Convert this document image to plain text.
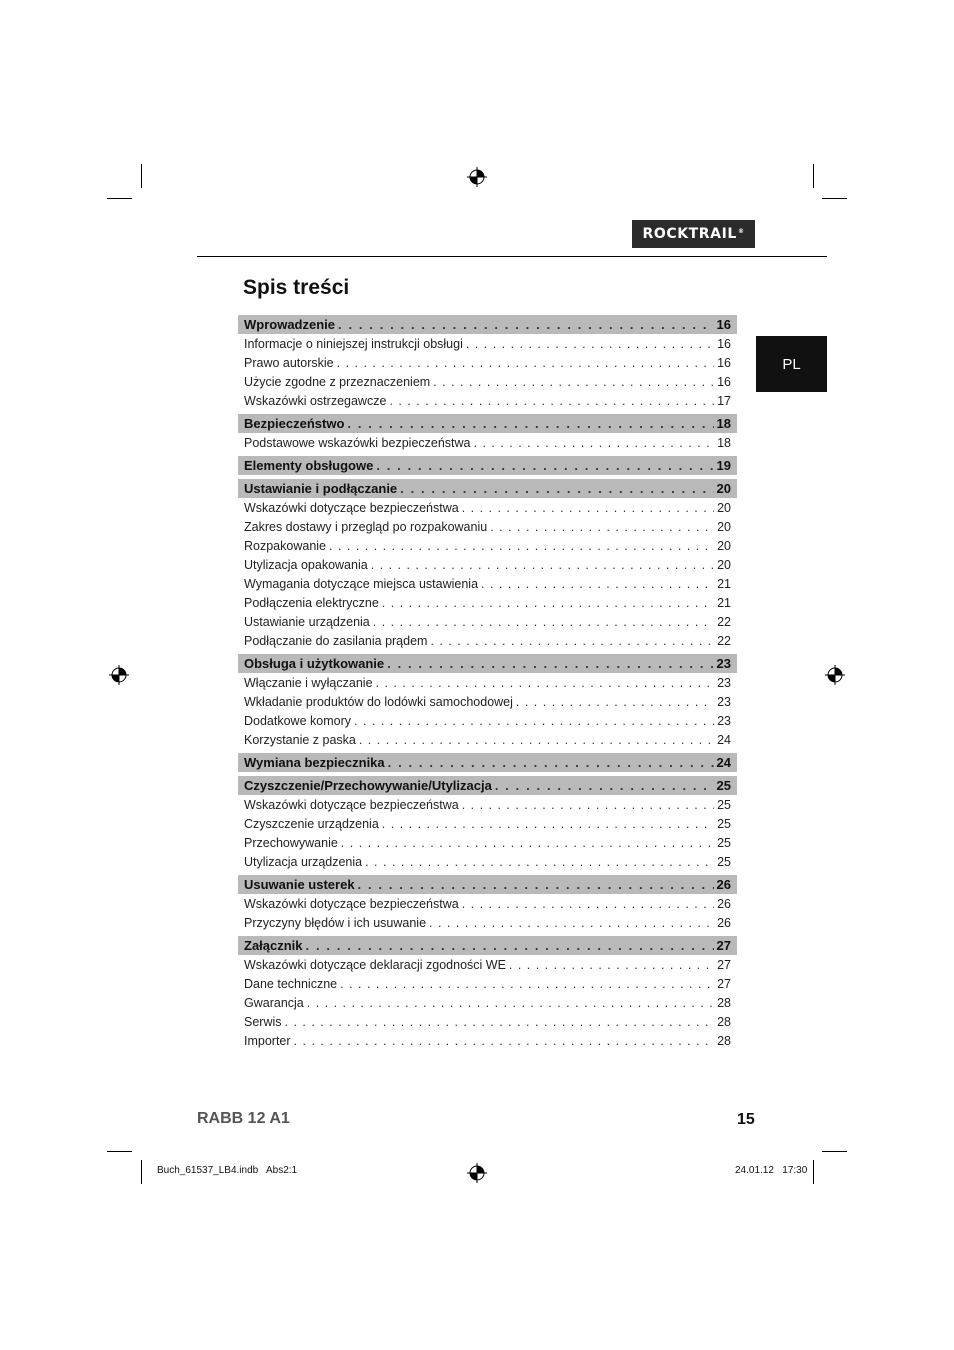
ROCKTRAIL®
Spis treści
PL
Wprowadzenie . . .	16
Informacje o niniejszej instrukcji obsługi . . .	16
Prawo autorskie . . .	16
Użycie zgodne z przeznaczeniem . . .	16
Wskazówki ostrzegawcze . . .	17
Bezpieczeństwo . . .	18
Podstawowe wskazówki bezpieczeństwa . . .	18
Elementy obsługowe . . .	19
Ustawianie i podłączanie . . .	20
Wskazówki dotyczące bezpieczeństwa . . .	20
Zakres dostawy i przegląd po rozpakowaniu . . .	20
Rozpakowanie . . .	20
Utylizacja opakowania . . .	20
Wymagania dotyczące miejsca ustawienia . . .	21
Podłączenia elektryczne . . .	21
Ustawianie urządzenia . . .	22
Podłączanie do zasilania prądem . . .	22
Obsługa i użytkowanie . . .	23
Włączanie i wyłączanie . . .	23
Wkładanie produktów do lodówki samochodowej . . .	23
Dodatkowe komory . . .	23
Korzystanie z paska . . .	24
Wymiana bezpiecznika . . .	24
Czyszczenie/Przechowywanie/Utylizacja . . .	25
Wskazówki dotyczące bezpieczeństwa . . .	25
Czyszczenie urządzenia . . .	25
Przechowywanie . . .	25
Utylizacja urządzenia . . .	25
Usuwanie usterek . . .	26
Wskazówki dotyczące bezpieczeństwa . . .	26
Przyczyny błędów i ich usuwanie . . .	26
Załącznik . . .	27
Wskazówki dotyczące deklaracji zgodności WE . . .	27
Dane techniczne . . .	27
Gwarancja . . .	28
Serwis . . .	28
Importer . . .	28
RABB 12 A1	15
Buch_61537_LB4.indb   Abs2:1	24.01.12   17:30
